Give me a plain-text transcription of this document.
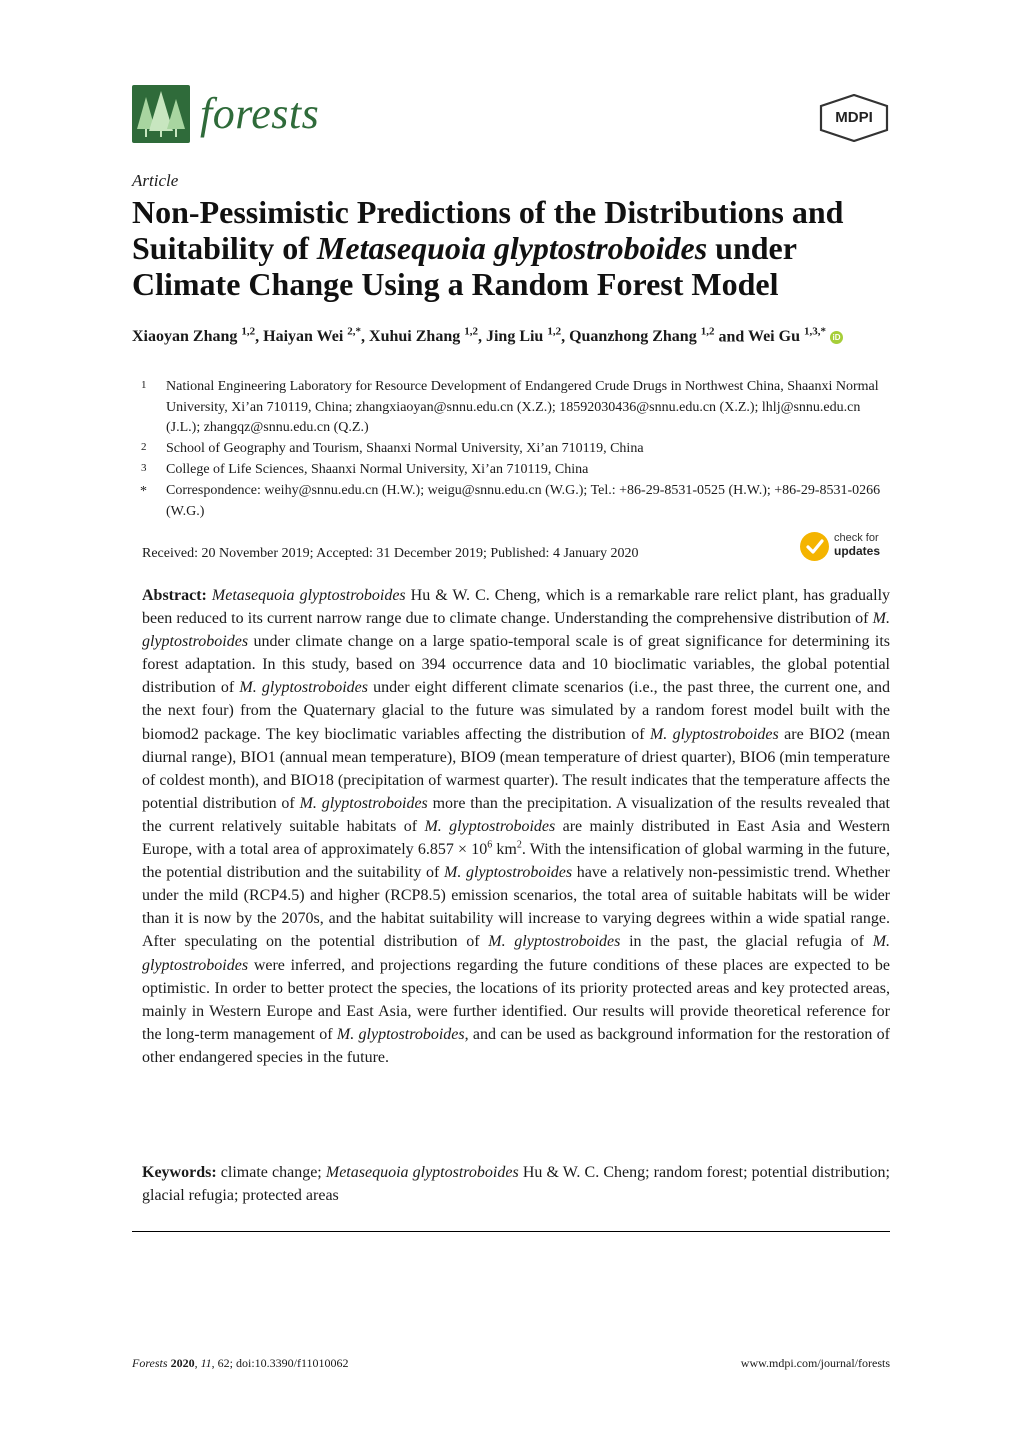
forests	MDPI
Article
Non-Pessimistic Predictions of the Distributions and Suitability of Metasequoia glyptostroboides under Climate Change Using a Random Forest Model
Xiaoyan Zhang $^{1,2}$, Haiyan Wei $^{2,*}$, Xuhui Zhang $^{1,2}$, Jing Liu $^{1,2}$, Quanzhong Zhang $^{1,2}$ and Wei Gu $^{1,3,*}$ iD
1 National Engineering Laboratory for Resource Development of Endangered Crude Drugs in Northwest China, Shaanxi Normal University, Xi’an 710119, China; zhangxiaoyan@snnu.edu.cn (X.Z.); 18592030436@snnu.edu.cn (X.Z.); lhlj@snnu.edu.cn (J.L.); zhangqz@snnu.edu.cn (Q.Z.)
2 School of Geography and Tourism, Shaanxi Normal University, Xi’an 710119, China
3 College of Life Sciences, Shaanxi Normal University, Xi’an 710119, China
* Correspondence: weihy@snnu.edu.cn (H.W.); weigu@snnu.edu.cn (W.G.); Tel.: +86-29-8531-0525 (H.W.); +86-29-8531-0266 (W.G.)
Received: 20 November 2019; Accepted: 31 December 2019; Published: 4 January 2020
check for
updates
Abstract: Metasequoia glyptostroboides Hu & W. C. Cheng, which is a remarkable rare relict plant, has gradually been reduced to its current narrow range due to climate change. Understanding the comprehensive distribution of M. glyptostroboides under climate change on a large spatio-temporal scale is of great significance for determining its forest adaptation. In this study, based on 394 occurrence data and 10 bioclimatic variables, the global potential distribution of M. glyptostroboides under eight different climate scenarios (i.e., the past three, the current one, and the next four) from the Quaternary glacial to the future was simulated by a random forest model built with the biomod2 package. The key bioclimatic variables affecting the distribution of M. glyptostroboides are BIO2 (mean diurnal range), BIO1 (annual mean temperature), BIO9 (mean temperature of driest quarter), BIO6 (min temperature of coldest month), and BIO18 (precipitation of warmest quarter). The result indicates that the temperature affects the potential distribution of M. glyptostroboides more than the precipitation. A visualization of the results revealed that the current relatively suitable habitats of M. glyptostroboides are mainly distributed in East Asia and Western Europe, with a total area of approximately $6.857 \times 10^6$ $km^2$. With the intensification of global warming in the future, the potential distribution and the suitability of M. glyptostroboides have a relatively non-pessimistic trend. Whether under the mild (RCP4.5) and higher (RCP8.5) emission scenarios, the total area of suitable habitats will be wider than it is now by the 2070s, and the habitat suitability will increase to varying degrees within a wide spatial range. After speculating on the potential distribution of M. glyptostroboides in the past, the glacial refugia of M. glyptostroboides were inferred, and projections regarding the future conditions of these places are expected to be optimistic. In order to better protect the species, the locations of its priority protected areas and key protected areas, mainly in Western Europe and East Asia, were further identified. Our results will provide theoretical reference for the long-term management of M. glyptostroboides, and can be used as background information for the restoration of other endangered species in the future.
Keywords: climate change; Metasequoia glyptostroboides Hu & W. C. Cheng; random forest; potential distribution; glacial refugia; protected areas
Forests 2020, 11, 62; doi:10.3390/f11010062	www.mdpi.com/journal/forests
